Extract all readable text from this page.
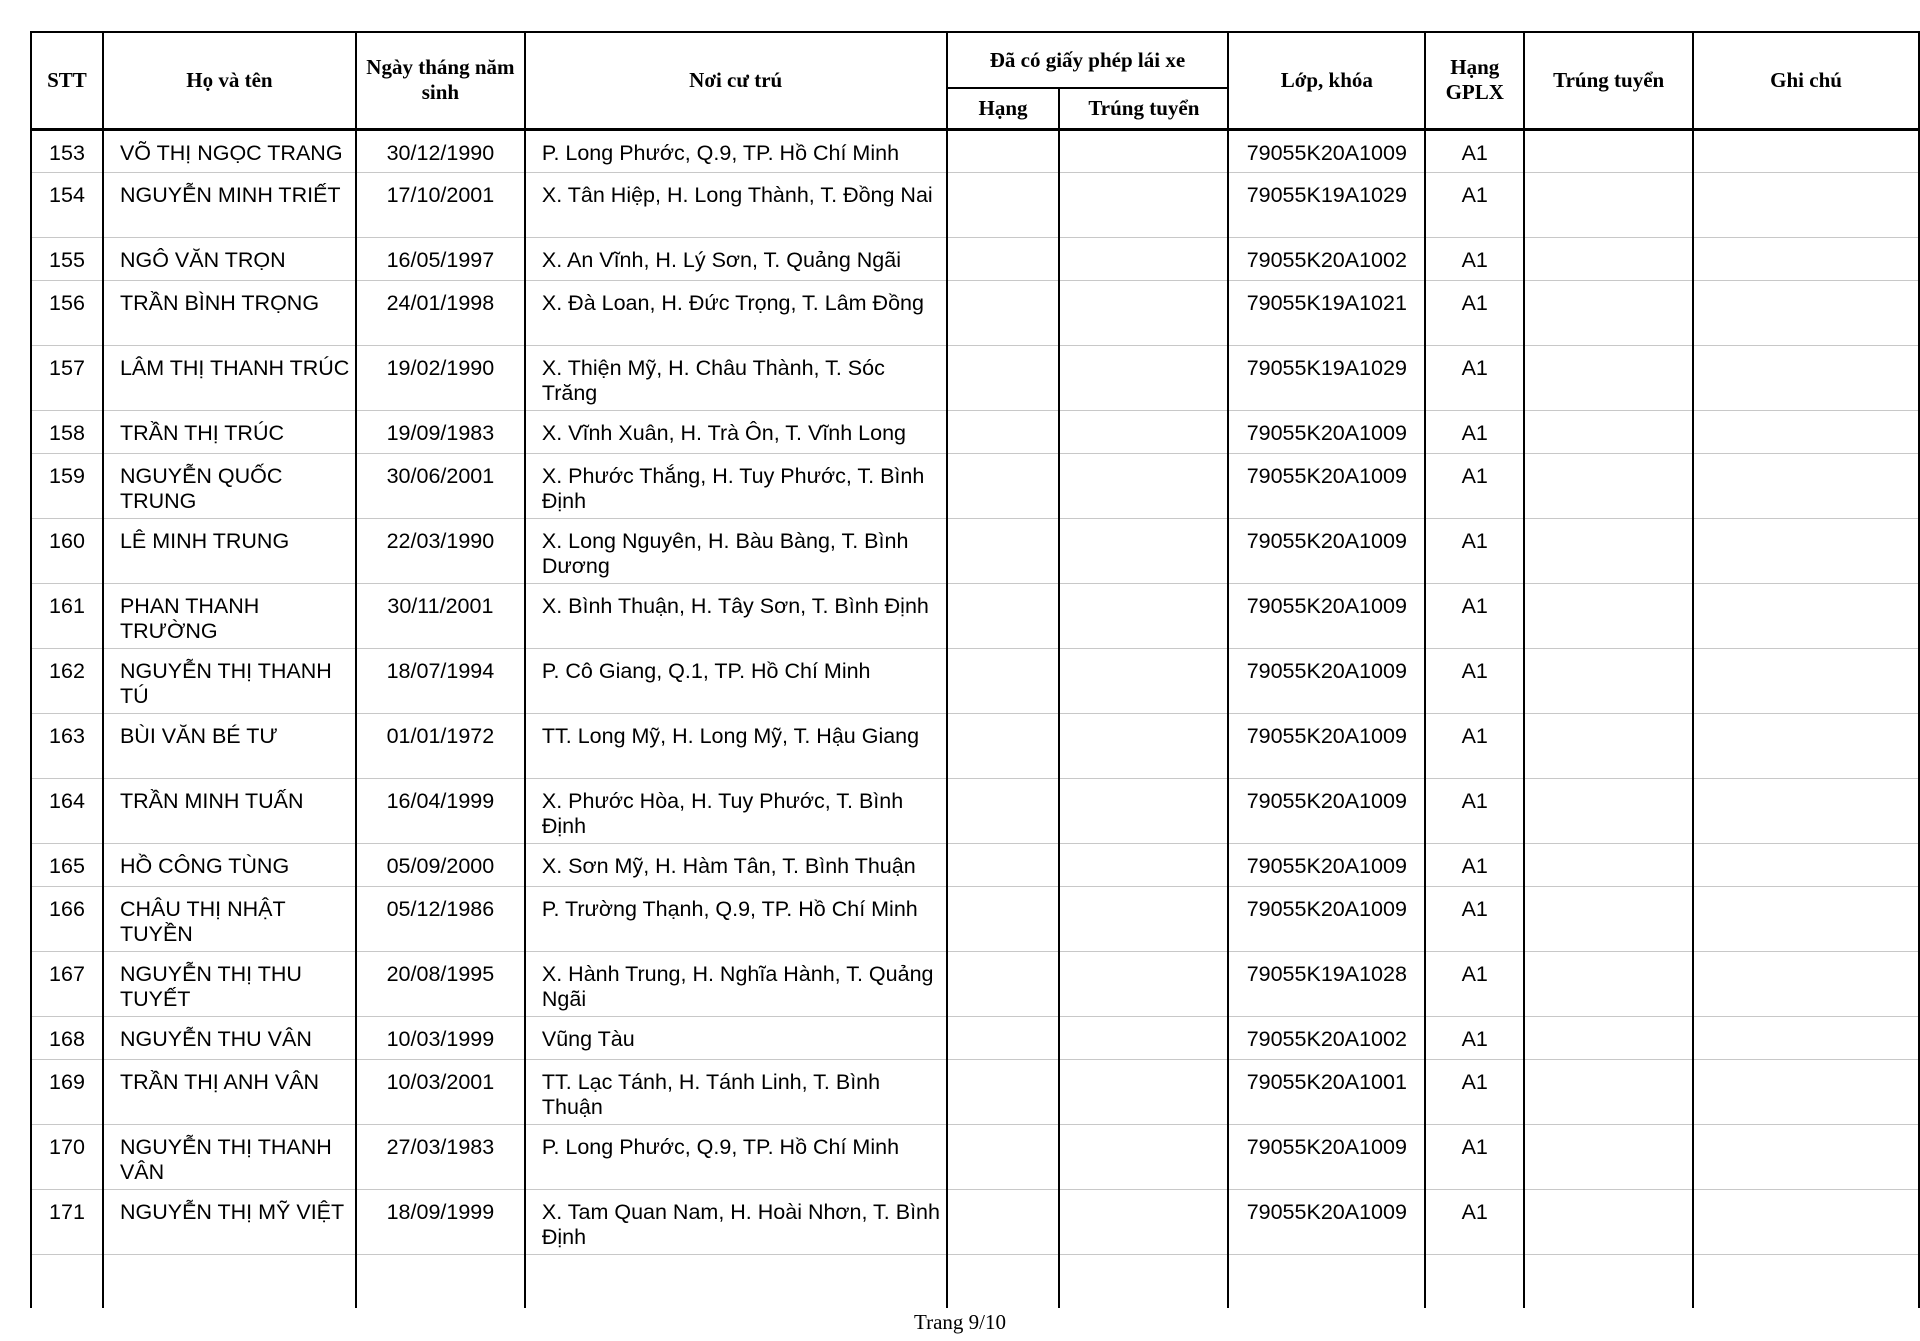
STT	Họ và tên	Ngày tháng năm sinh	Nơi cư trú	Đã có giấy phép lái xe		Lớp, khóa	Hạng GPLX	Trúng tuyển	Ghi chú
				Hạng	Trúng tuyển				
153	VÕ THỊ NGỌC TRANG	30/12/1990	P. Long Phước, Q.9, TP. Hồ Chí Minh			79055K20A1009	A1		
154	NGUYỄN MINH TRIẾT	17/10/2001	X. Tân Hiệp, H. Long Thành, T. Đồng Nai			79055K19A1029	A1		
155	NGÔ VĂN TRỌN	16/05/1997	X. An Vĩnh, H. Lý Sơn, T. Quảng Ngãi			79055K20A1002	A1		
156	TRẦN BÌNH TRỌNG	24/01/1998	X. Đà Loan, H. Đức Trọng, T. Lâm Đồng			79055K19A1021	A1		
157	LÂM THỊ THANH TRÚC	19/02/1990	X. Thiện Mỹ, H. Châu Thành, T. Sóc Trăng			79055K19A1029	A1		
158	TRẦN THỊ TRÚC	19/09/1983	X. Vĩnh Xuân, H. Trà Ôn, T. Vĩnh Long			79055K20A1009	A1		
159	NGUYỄN QUỐC TRUNG	30/06/2001	X. Phước Thắng, H. Tuy Phước, T. Bình Định			79055K20A1009	A1		
160	LÊ MINH TRUNG	22/03/1990	X. Long Nguyên, H. Bàu Bàng, T. Bình Dương			79055K20A1009	A1		
161	PHAN THANH TRƯỜNG	30/11/2001	X. Bình Thuận, H. Tây Sơn, T. Bình Định			79055K20A1009	A1		
162	NGUYỄN THỊ THANH TÚ	18/07/1994	P. Cô Giang, Q.1, TP. Hồ Chí Minh			79055K20A1009	A1		
163	BÙI VĂN BÉ TƯ	01/01/1972	TT. Long Mỹ, H. Long Mỹ, T. Hậu Giang			79055K20A1009	A1		
164	TRẦN MINH TUẤN	16/04/1999	X. Phước Hòa, H. Tuy Phước, T. Bình Định			79055K20A1009	A1		
165	HỒ CÔNG TÙNG	05/09/2000	X. Sơn Mỹ, H. Hàm Tân, T. Bình Thuận			79055K20A1009	A1		
166	CHÂU THỊ NHẬT TUYỀN	05/12/1986	P. Trường Thạnh, Q.9, TP. Hồ Chí Minh			79055K20A1009	A1		
167	NGUYỄN THỊ THU TUYẾT	20/08/1995	X. Hành Trung, H. Nghĩa Hành, T. Quảng Ngãi			79055K19A1028	A1		
168	NGUYỄN THU VÂN	10/03/1999	Vũng Tàu			79055K20A1002	A1		
169	TRẦN THỊ ANH VÂN	10/03/2001	TT. Lạc Tánh, H. Tánh Linh, T. Bình Thuận			79055K20A1001	A1		
170	NGUYỄN THỊ THANH VÂN	27/03/1983	P. Long Phước, Q.9, TP. Hồ Chí Minh			79055K20A1009	A1		
171	NGUYỄN THỊ MỸ VIỆT	18/09/1999	X. Tam Quan Nam, H. Hoài Nhơn, T. Bình Định			79055K20A1009	A1		

Trang 9/10
